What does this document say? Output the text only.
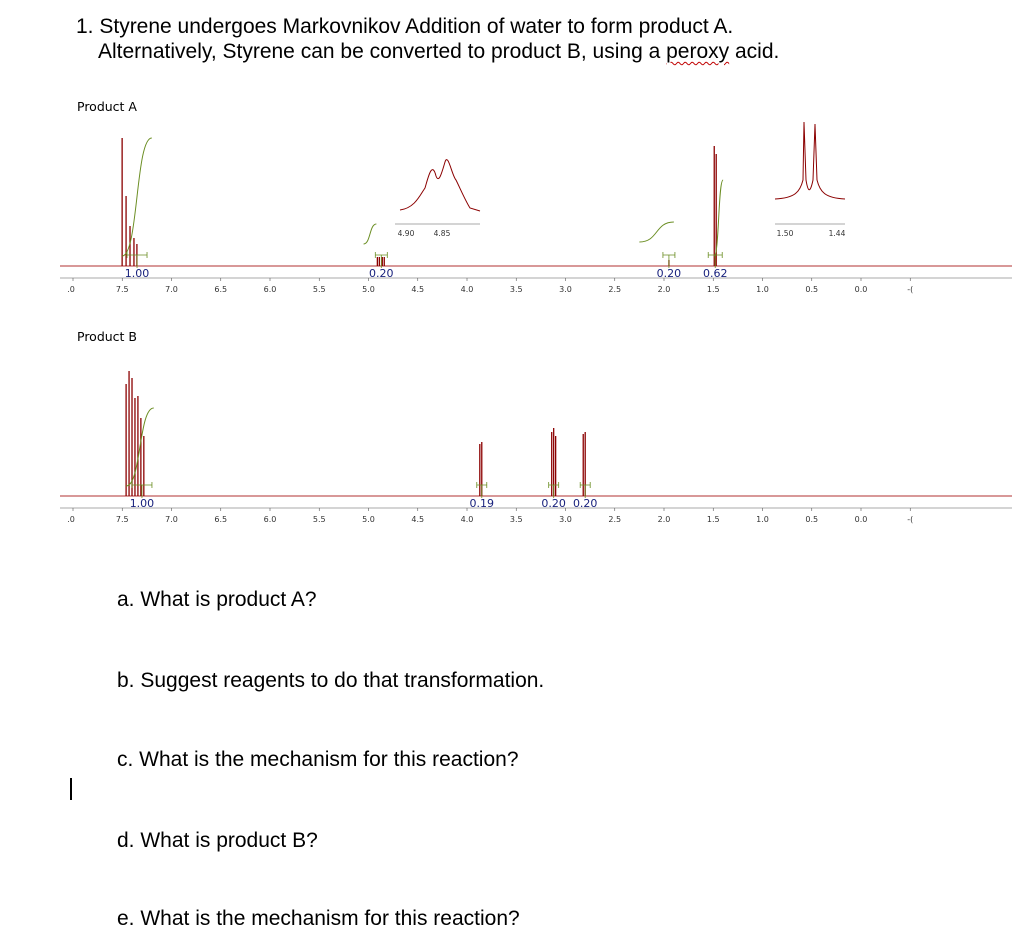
1. Styrene undergoes Markovnikov Addition of water to form product A.
Alternatively, Styrene can be converted to product B, using a peroxy acid.
Product A
.0	7.5	7.0	6.5	6.0	5.5	5.0	4.5	4.0	3.5	3.0	2.5	2.0	1.5	1.0	0.5	0.0	-(
1.00	0.20	0.20 0.62
4.90	4.85	1.50	1.44
Product B
.0	7.5	7.0	6.5	6.0	5.5	5.0	4.5	4.0	3.5	3.0	2.5	2.0	1.5	1.0	0.5	0.0	-(
1.00	0.19	0.20 0.20

a. What is product A?

b. Suggest reagents to do that transformation.

c. What is the mechanism for this reaction?

d. What is product B?

e. What is the mechanism for this reaction?
